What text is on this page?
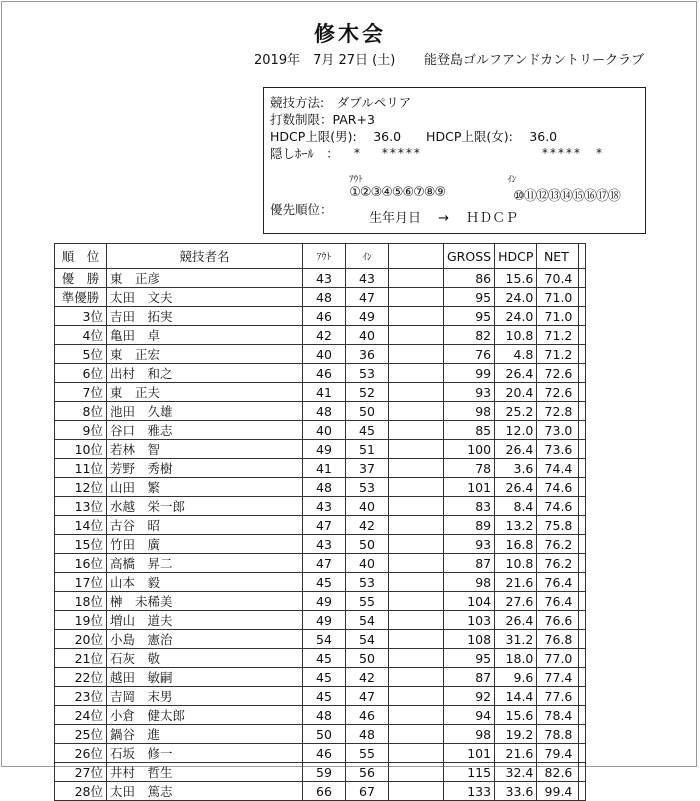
修木会
2019年　7月 27日 (土) 能登島ゴルフアンドカントリークラブ
競技方法:　ダブルペリア
打数制限：PAR+3
HDCP上限(男):　 36.0　　HDCP上限(女):　 36.0
隠しﾎｰﾙ　： *　 *****	*****　*

ｱｳﾄ
①②③④⑤⑥⑦⑧⑨

ｲﾝ
⑩⑪⑫⑬⑭⑮⑯⑰⑱

優先順位：
生年月日　 →　 ＨＤＣＰ
順　位	競技者名	ｱｳﾄ	ｲﾝ		GROSS	HDCP	NET	
優　勝	東　正彦	43	43		86	15.6	70.4	
準優勝	太田　文夫	48	47		95	24.0	71.0	
3位	吉田　拓実	46	49		95	24.0	71.0	
4位	亀田　卓	42	40		82	10.8	71.2	
5位	東　正宏	40	36		76	4.8	71.2	
6位	出村　和之	46	53		99	26.4	72.6	
7位	東　正夫	41	52		93	20.4	72.6	
8位	池田　久雄	48	50		98	25.2	72.8	
9位	谷口　雅志	40	45		85	12.0	73.0	
10位	若林　智	49	51		100	26.4	73.6	
11位	芳野　秀樹	41	37		78	3.6	74.4	
12位	山田　繁	48	53		101	26.4	74.6	
13位	水越　栄一郎	43	40		83	8.4	74.6	
14位	古谷　昭	47	42		89	13.2	75.8	
15位	竹田　廣	43	50		93	16.8	76.2	
16位	高橋　昇二	47	40		87	10.8	76.2	
17位	山本　毅	45	53		98	21.6	76.4	
18位	榊　未稀美	49	55		104	27.6	76.4	
19位	増山　道夫	49	54		103	26.4	76.6	
20位	小島　憲治	54	54		108	31.2	76.8	
21位	石灰　敬	45	50		95	18.0	77.0	
22位	越田　敏嗣	45	42		87	9.6	77.4	
23位	吉岡　末男	45	47		92	14.4	77.6	
24位	小倉　健太郎	48	46		94	15.6	78.4	
25位	鍋谷　進	50	48		98	19.2	78.8	
26位	石坂　修一	46	55		101	21.6	79.4	
27位	井村　哲生	59	56		115	32.4	82.6	
28位	太田　篤志	66	67		133	33.6	99.4	
